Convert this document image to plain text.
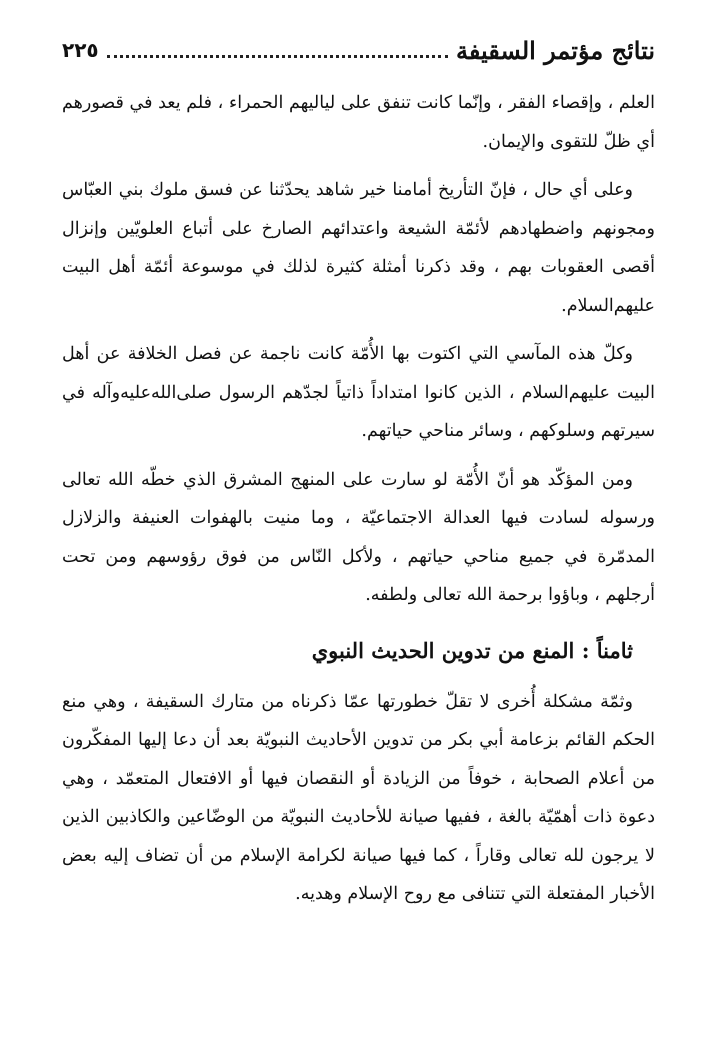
نتائج مؤتمر السقيفة
٢٢٥

العلم ، وإقصاء الفقر ، وإنّما كانت تنفق على لياليهم الحمراء ، فلم يعد في قصورهم أي ظلّ للتقوى والإيمان.

وعلى أي حال ، فإنّ التأريخ أمامنا خير شاهد يحدّثنا عن فسق ملوك بني العبّاس ومجونهم واضطهادهم لأئمّة الشيعة واعتدائهم الصارخ على أتباع العلويّين وإنزال أقصى العقوبات بهم ، وقد ذكرنا أمثلة كثيرة لذلك في موسوعة أئمّة أهل البيت عليهم‌السلام.

وكلّ هذه المآسي التي اكتوت بها الأُمّة كانت ناجمة عن فصل الخلافة عن أهل البيت عليهم‌السلام ، الذين كانوا امتداداً ذاتياً لجدّهم الرسول صلى‌الله‌عليه‌وآله في سيرتهم وسلوكهم ، وسائر مناحي حياتهم.

ومن المؤكّد هو أنّ الأُمّة لو سارت على المنهج المشرق الذي خطّه الله تعالى ورسوله لسادت فيها العدالة الاجتماعيّة ، وما منيت بالهفوات العنيفة والزلازل المدمّرة في جميع مناحي حياتهم ، ولأكل النّاس من فوق رؤوسهم ومن تحت أرجلهم ، وباؤوا برحمة الله تعالى ولطفه.

ثامناً : المنع من تدوين الحديث النبوي

وثمّة مشكلة أُخرى لا تقلّ خطورتها عمّا ذكرناه من متارك السقيفة ، وهي منع الحكم القائم بزعامة أبي بكر من تدوين الأحاديث النبويّة بعد أن دعا إليها المفكّرون من أعلام الصحابة ، خوفاً من الزيادة أو النقصان فيها أو الافتعال المتعمّد ، وهي دعوة ذات أهمّيّة بالغة ، ففيها صيانة للأحاديث النبويّة من الوضّاعين والكاذبين الذين لا يرجون لله تعالى وقاراً ، كما فيها صيانة لكرامة الإسلام من أن تضاف إليه بعض الأخبار المفتعلة التي تتنافى مع روح الإسلام وهديه.
